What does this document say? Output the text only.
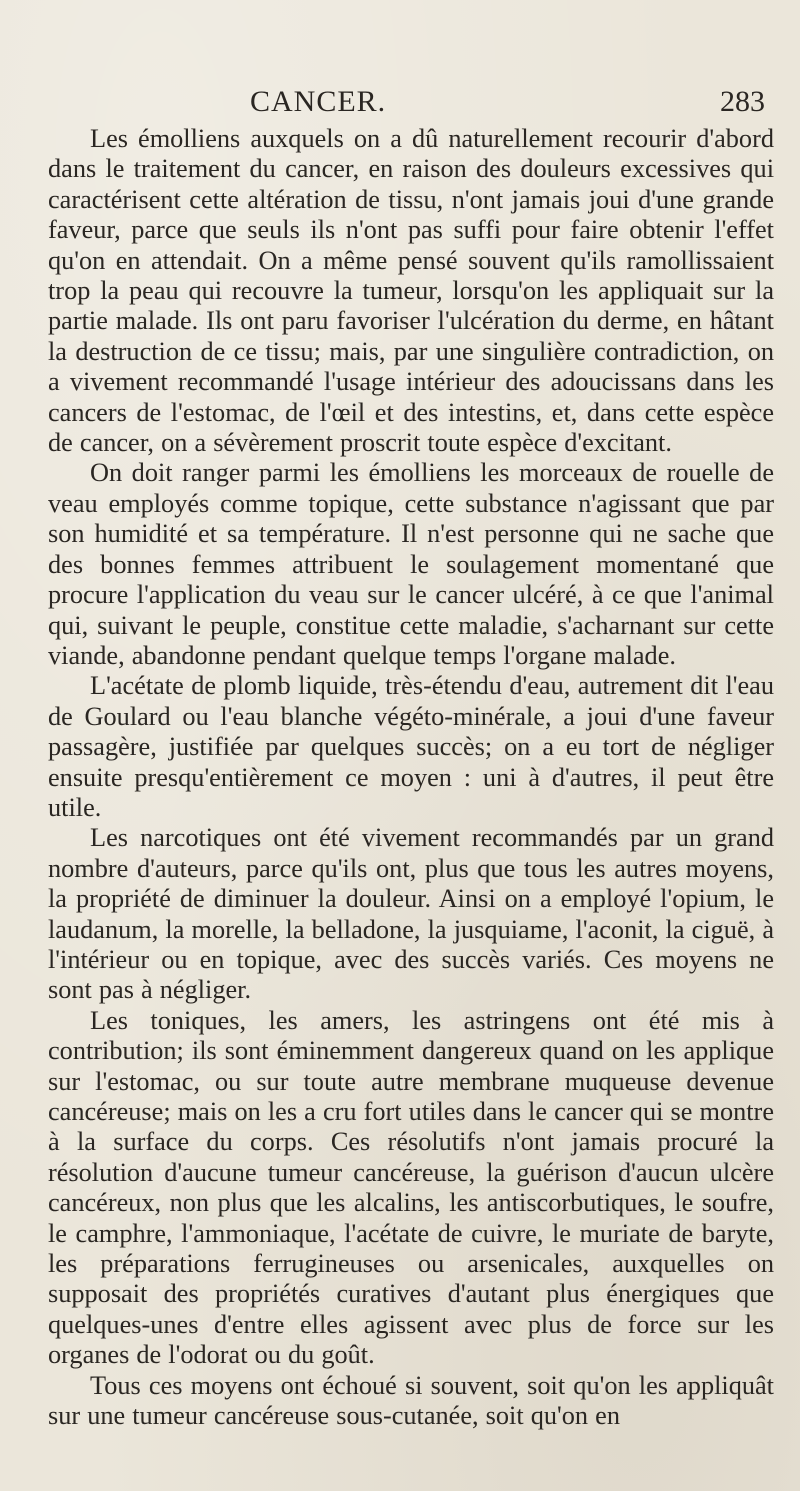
CANCER.	283

Les émolliens auxquels on a dû naturellement recourir d'abord dans le traitement du cancer, en raison des douleurs excessives qui caractérisent cette altération de tissu, n'ont jamais joui d'une grande faveur, parce que seuls ils n'ont pas suffi pour faire obtenir l'effet qu'on en attendait. On a même pensé souvent qu'ils ramollissaient trop la peau qui recouvre la tumeur, lorsqu'on les appliquait sur la partie malade. Ils ont paru favoriser l'ulcération du derme, en hâtant la destruction de ce tissu; mais, par une singulière contradiction, on a vivement recommandé l'usage intérieur des adoucissans dans les cancers de l'estomac, de l'œil et des intestins, et, dans cette espèce de cancer, on a sévèrement proscrit toute espèce d'excitant.

On doit ranger parmi les émolliens les morceaux de rouelle de veau employés comme topique, cette substance n'agissant que par son humidité et sa température. Il n'est personne qui ne sache que des bonnes femmes attribuent le soulagement momentané que procure l'application du veau sur le cancer ulcéré, à ce que l'animal qui, suivant le peuple, constitue cette maladie, s'acharnant sur cette viande, abandonne pendant quelque temps l'organe malade.

L'acétate de plomb liquide, très-étendu d'eau, autrement dit l'eau de Goulard ou l'eau blanche végéto-minérale, a joui d'une faveur passagère, justifiée par quelques succès; on a eu tort de négliger ensuite presqu'entièrement ce moyen : uni à d'autres, il peut être utile.

Les narcotiques ont été vivement recommandés par un grand nombre d'auteurs, parce qu'ils ont, plus que tous les autres moyens, la propriété de diminuer la douleur. Ainsi on a employé l'opium, le laudanum, la morelle, la belladone, la jusquiame, l'aconit, la ciguë, à l'intérieur ou en topique, avec des succès variés. Ces moyens ne sont pas à négliger.

Les toniques, les amers, les astringens ont été mis à contribution; ils sont éminemment dangereux quand on les applique sur l'estomac, ou sur toute autre membrane muqueuse devenue cancéreuse; mais on les a cru fort utiles dans le cancer qui se montre à la surface du corps. Ces résolutifs n'ont jamais procuré la résolution d'aucune tumeur cancéreuse, la guérison d'aucun ulcère cancéreux, non plus que les alcalins, les antiscorbutiques, le soufre, le camphre, l'ammoniaque, l'acétate de cuivre, le muriate de baryte, les préparations ferrugineuses ou arsenicales, auxquelles on supposait des propriétés curatives d'autant plus énergiques que quelques-unes d'entre elles agissent avec plus de force sur les organes de l'odorat ou du goût.

Tous ces moyens ont échoué si souvent, soit qu'on les appliquât sur une tumeur cancéreuse sous-cutanée, soit qu'on en
